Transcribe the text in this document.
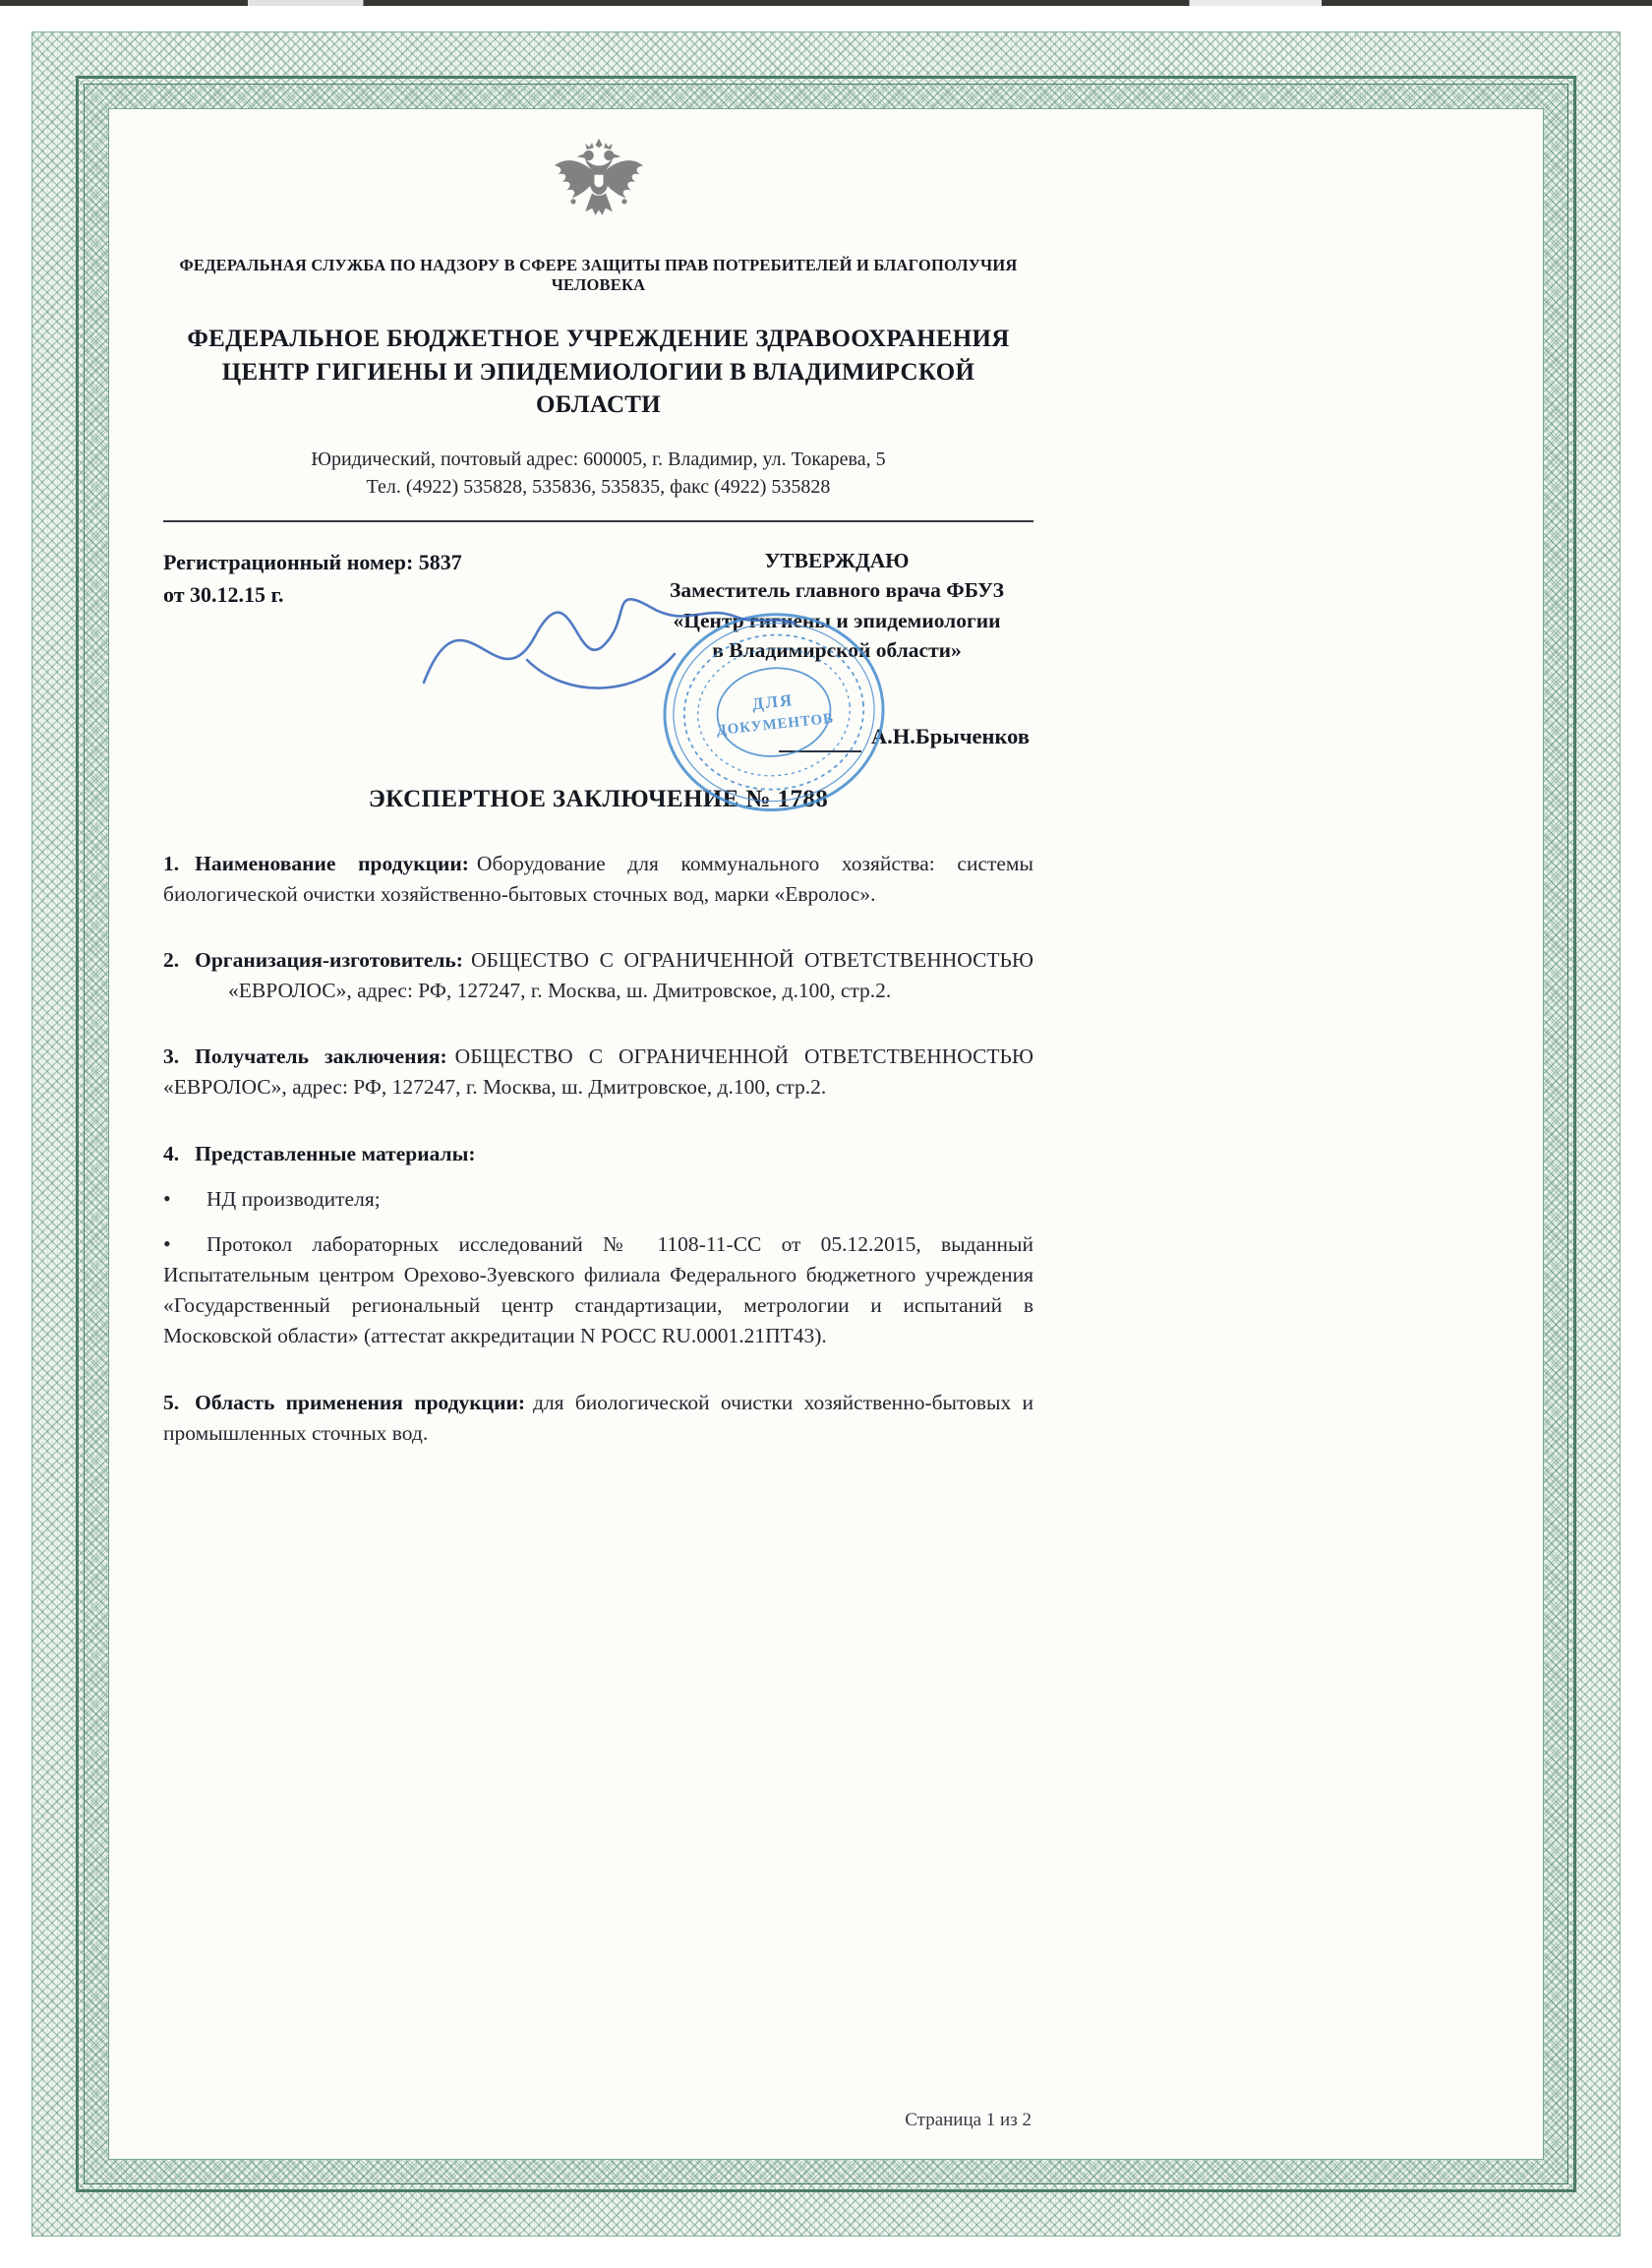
ФЕДЕРАЛЬНАЯ СЛУЖБА ПО НАДЗОРУ В СФЕРЕ ЗАЩИТЫ ПРАВ ПОТРЕБИТЕЛЕЙ И БЛАГОПОЛУЧИЯ ЧЕЛОВЕКА
ФЕДЕРАЛЬНОЕ БЮДЖЕТНОЕ УЧРЕЖДЕНИЕ ЗДРАВООХРАНЕНИЯ
ЦЕНТР ГИГИЕНЫ И ЭПИДЕМИОЛОГИИ В ВЛАДИМИРСКОЙ ОБЛАСТИ
Юридический, почтовый адрес: 600005, г. Владимир, ул. Токарева, 5
Тел. (4922) 535828, 535836, 535835, факс (4922) 535828
Регистрационный номер: 5837
от 30.12.15 г.
УТВЕРЖДАЮ
Заместитель главного врача ФБУЗ
«Центр гигиены и эпидемиологии
в Владимирской области»
А.Н.Брыченков
ДЛЯ
ДОКУМЕНТОВ
ЭКСПЕРТНОЕ ЗАКЛЮЧЕНИЕ № 1788

1. Наименование продукции: Оборудование для коммунального хозяйства: системы биологической очистки хозяйственно-бытовых сточных вод, марки «Евролос».

2. Организация-изготовитель: ОБЩЕСТВО С ОГРАНИЧЕННОЙ ОТВЕТСТВЕННОСТЬЮ «ЕВРОЛОС», адрес: РФ, 127247, г. Москва, ш. Дмитровское, д.100, стр.2.

3. Получатель заключения: ОБЩЕСТВО С ОГРАНИЧЕННОЙ ОТВЕТСТВЕННОСТЬЮ «ЕВРОЛОС», адрес: РФ, 127247, г. Москва, ш. Дмитровское, д.100, стр.2.

4. Представленные материалы:

• НД производителя;
• Протокол лабораторных исследований № 1108-11-СС от 05.12.2015, выданный Испытательным центром Орехово-Зуевского филиала Федерального бюджетного учреждения «Государственный региональный центр стандартизации, метрологии и испытаний в Московской области» (аттестат аккредитации N РОСС RU.0001.21ПТ43).

5. Область применения продукции: для биологической очистки хозяйственно-бытовых и промышленных сточных вод.

Страница 1 из 2
